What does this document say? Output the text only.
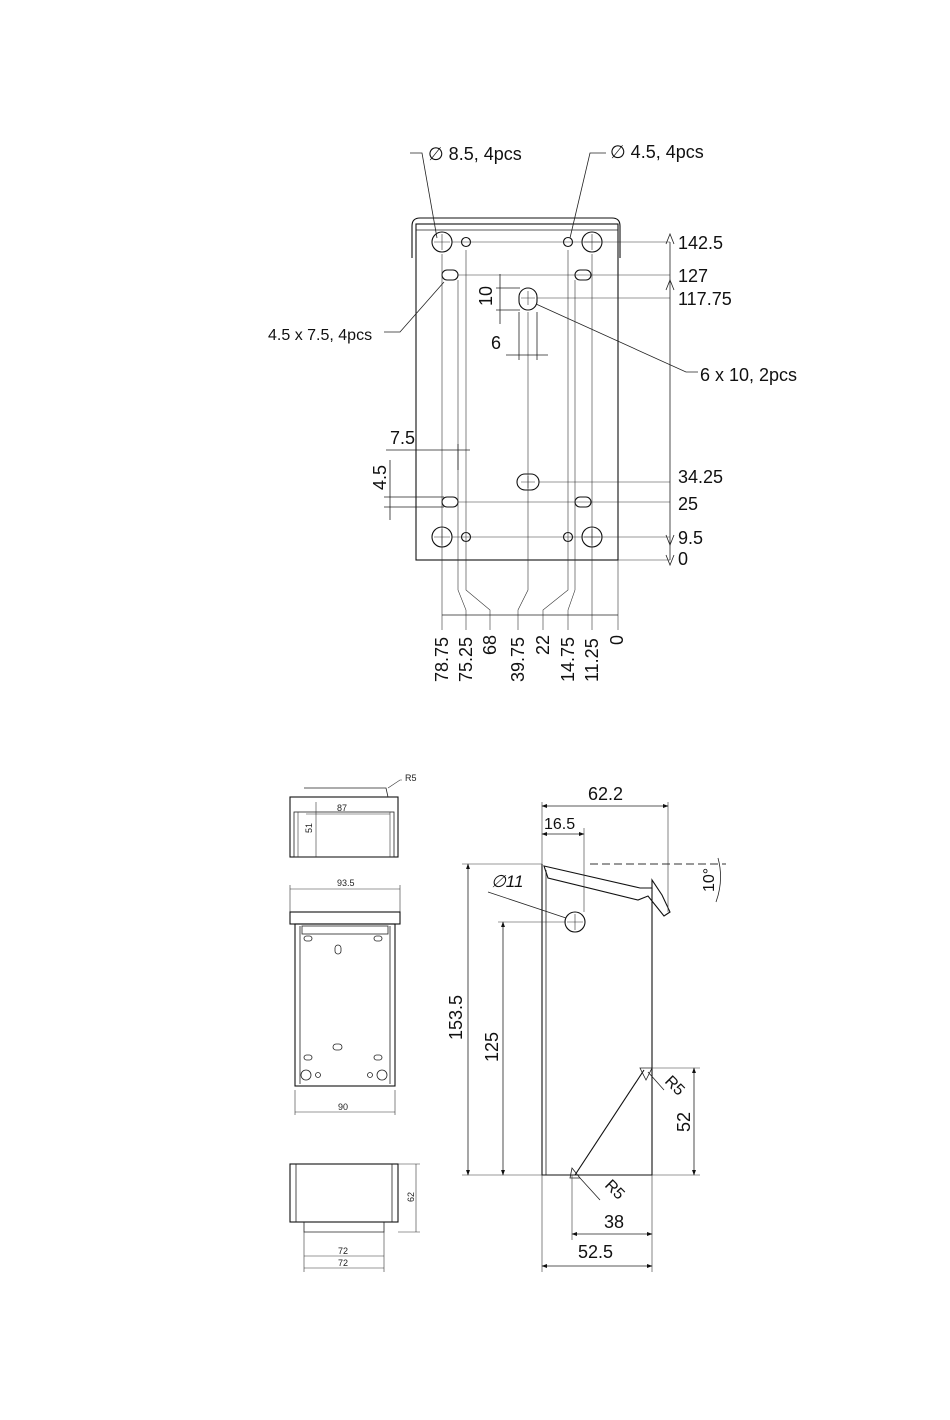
142.5
127
117.75
34.25
25
9.5
0
78.75 75.25 68 39.75 22 14.75 11.25 0
∅ 8.5, 4pcs	∅ 4.5, 4pcs
4.5 x 7.5, 4pcs
6 x 10, 2pcs
10
6
7.5
4.5
R5
87
51
93.5
90
62
72
72
62.2
16.5
∅11	10°
153.5
125
R5
52
R5
38
52.5
